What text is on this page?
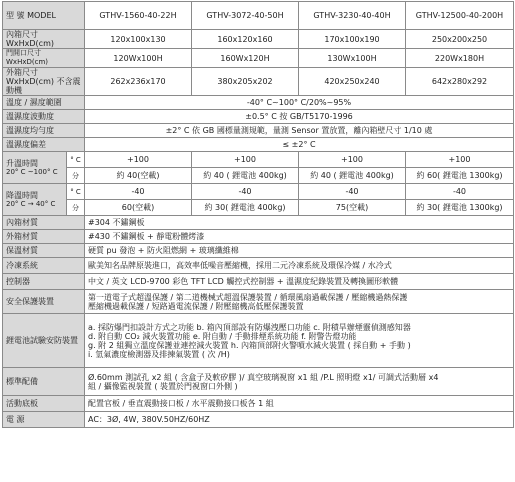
型 號 MODEL		GTHV-1560-40-22H	GTHV-3072-40-50H	GTHV-3230-40-40H	GTHV-12500-40-200H
內箱尺寸 WxHxD(cm)		120x100x130	160x120x160	170x100x190	250x200x250
門開口尺寸 WxHxD(cm)		120Wx100H	160Wx120H	130Wx100H	220Wx180H
外箱尺寸 WxHxD(cm) 不含震動機		262x236x170	380x205x202	420x250x240	642x280x292
溫度 / 濕度範圍		-40° C~100° C/20%~95%			
溫濕度波動度		±0.5° C 按 GB/T5170-1996			
溫濕度均勻度		±2° C 依 GB 國標量測規範，量測 Sensor 置放置，離內箱壁尺寸 1/10 處			
溫濕度偏差		≤ ±2° C			

升溫時間
20° C ~100° C	° C	+100	+100	+100	+100
	分	約 40(空載)	約 40 ( 鋰電池 400kg)	約 40 ( 鋰電池 400kg)	約 60( 鋰電池 1300kg)

降溫時間
20° C → 40° C	° C	-40	-40	-40	-40
	分	60(空載)	約 30( 鋰電池 400kg)	75(空載)	約 30( 鋰電池 1300kg)
內箱材質		#304 不鏽鋼板			
外箱材質		#430 不鏽鋼板 + 靜電粉體烤漆			
保溫材質		硬質 pu 發泡 + 防火阻燃網 + 玻璃纖維棉			
冷凍系統		歐美知名品牌原裝進口，高效率低噪音壓縮機，採用二元冷凍系統及環保冷媒 / 水冷式			
控制器		中文 / 英文 LCD-9700 彩色 TFT LCD 觸控式控制器 + 溫濕度紀錄裝置及轉換圖形軟體			
安全保護裝置		第一道電子式超溫保護 / 第二道機械式超溫保護裝置 / 循環風扇過載保護 / 壓縮機過熱保護
壓縮機過載保護 / 短路過電流保護 / 附壓縮機高低壓保護裝置			

鋰電池試驗安防裝置		a. 採防爆門扣設計方式之功能 b. 箱內頂部設有防爆洩壓口功能 c. 附積旱辦煙靈偵測感知器
d. 附自動 CO₂ 減火裝置功能 e. 附自動 / 手動排煙系統功能 f. 附警告燈功能
g. 附 2 組獨立溫度保護並連控減火裝置 h. 內箱頂部附火警噴水減火裝置 ( 採自動 + 手動 )
i. 氫氣濃度檢測器及排揀氣裝置 ( 次 /H)			

標準配備		Ø.60mm 測試孔 x2 組 ( 含盒子及軟矽膠 )/ 真空玻璃視窗 x1 組 /P.L 照明燈 x1/ 可調式活動層 x4
組 / 攝像監視裝置 ( 裝置於門視窗口外側 )			

活動底板		配置官板 / 垂直震動接口板 / 水平震動接口板各 1 組			
電 源		AC：3Ø, 4W, 380V.50HZ/60HZ			
